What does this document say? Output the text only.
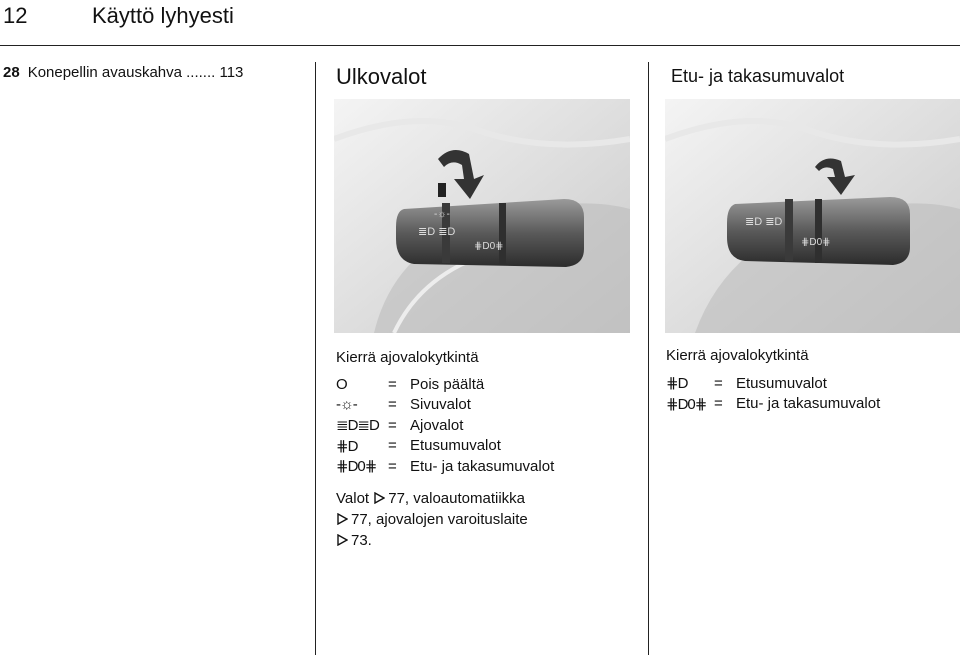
12	Käyttö lyhyesti
28 Konepellin avauskahva ....... 113	Ulkovalot
≣D ≣D
-☼-
⋕D0⋕
Kierrä ajovalokytkintä
O	= Pois päältä
-☼-	= Sivuvalot
≣D≣D = Ajovalot
⋕D	= Etusumuvalot
⋕D0⋕ = Etu- ja takasumuvalot
Valot 77, valoautomatiikka
77, ajovalojen varoituslaite
73.
Etu- ja takasumuvalot
≣D ≣D
⋕D0⋕
Kierrä ajovalokytkintä
⋕D	= Etusumuvalot
⋕D0⋕ = Etu- ja takasumuvalot
